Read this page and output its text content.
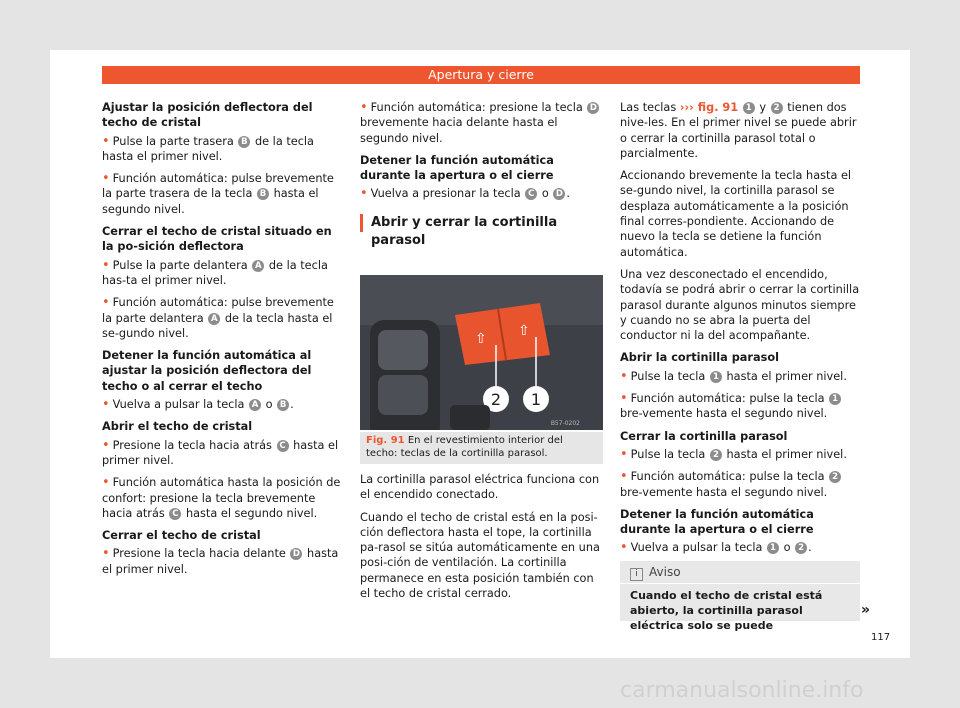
Apertura y cierre

Ajustar la posición deflectora del techo de cristal

• Pulse la parte trasera B de la tecla hasta el primer nivel.

• Función automática: pulse brevemente la parte trasera de la tecla B hasta el segundo nivel.

Cerrar el techo de cristal situado en la po-sición deflectora

• Pulse la parte delantera A de la tecla has-ta el primer nivel.

• Función automática: pulse brevemente la parte delantera A de la tecla hasta el se-gundo nivel.

Detener la función automática al ajustar la posición deflectora del techo o al cerrar el techo

• Vuelva a pulsar la tecla A o B .

Abrir el techo de cristal

• Presione la tecla hacia atrás C hasta el primer nivel.

• Función automática hasta la posición de confort: presione la tecla brevemente hacia atrás C hasta el segundo nivel.

Cerrar el techo de cristal

• Presione la tecla hacia delante D hasta el primer nivel.

• Función automática: presione la tecla D brevemente hacia delante hasta el segundo nivel.

Detener la función automática durante la apertura o el cierre

• Vuelva a presionar la tecla C o D .

Abrir y cerrar la cortinilla parasol
⇧ ⇧
2 1
B57-0202
Fig. 91 En el revestimiento interior del techo: teclas de la cortinilla parasol.

La cortinilla parasol eléctrica funciona con el encendido conectado.

Cuando el techo de cristal está en la posi-ción deflectora hasta el tope, la cortinilla pa-rasol se sitúa automáticamente en una posi-ción de ventilación. La cortinilla permanece en esta posición también con el techo de cristal cerrado.

Las teclas ››› fig. 91 1 y 2 tienen dos nive-les. En el primer nivel se puede abrir o cerrar la cortinilla parasol total o parcialmente.

Accionando brevemente la tecla hasta el se-gundo nivel, la cortinilla parasol se desplaza automáticamente a la posición final corres-pondiente. Accionando de nuevo la tecla se detiene la función automática.

Una vez desconectado el encendido, todavía se podrá abrir o cerrar la cortinilla parasol durante algunos minutos siempre y cuando no se abra la puerta del conductor ni la del acompañante.

Abrir la cortinilla parasol

• Pulse la tecla 1 hasta el primer nivel.

• Función automática: pulse la tecla 1 bre-vemente hasta el segundo nivel.

Cerrar la cortinilla parasol

• Pulse la tecla 2 hasta el primer nivel.

• Función automática: pulse la tecla 2 bre-vemente hasta el segundo nivel.

Detener la función automática durante la apertura o el cierre

• Vuelva a pulsar la tecla 1 o 2 .

i Aviso
Cuando el techo de cristal está abierto, la cortinilla parasol eléctrica solo se puede
»
117
carmanualsonline.info
